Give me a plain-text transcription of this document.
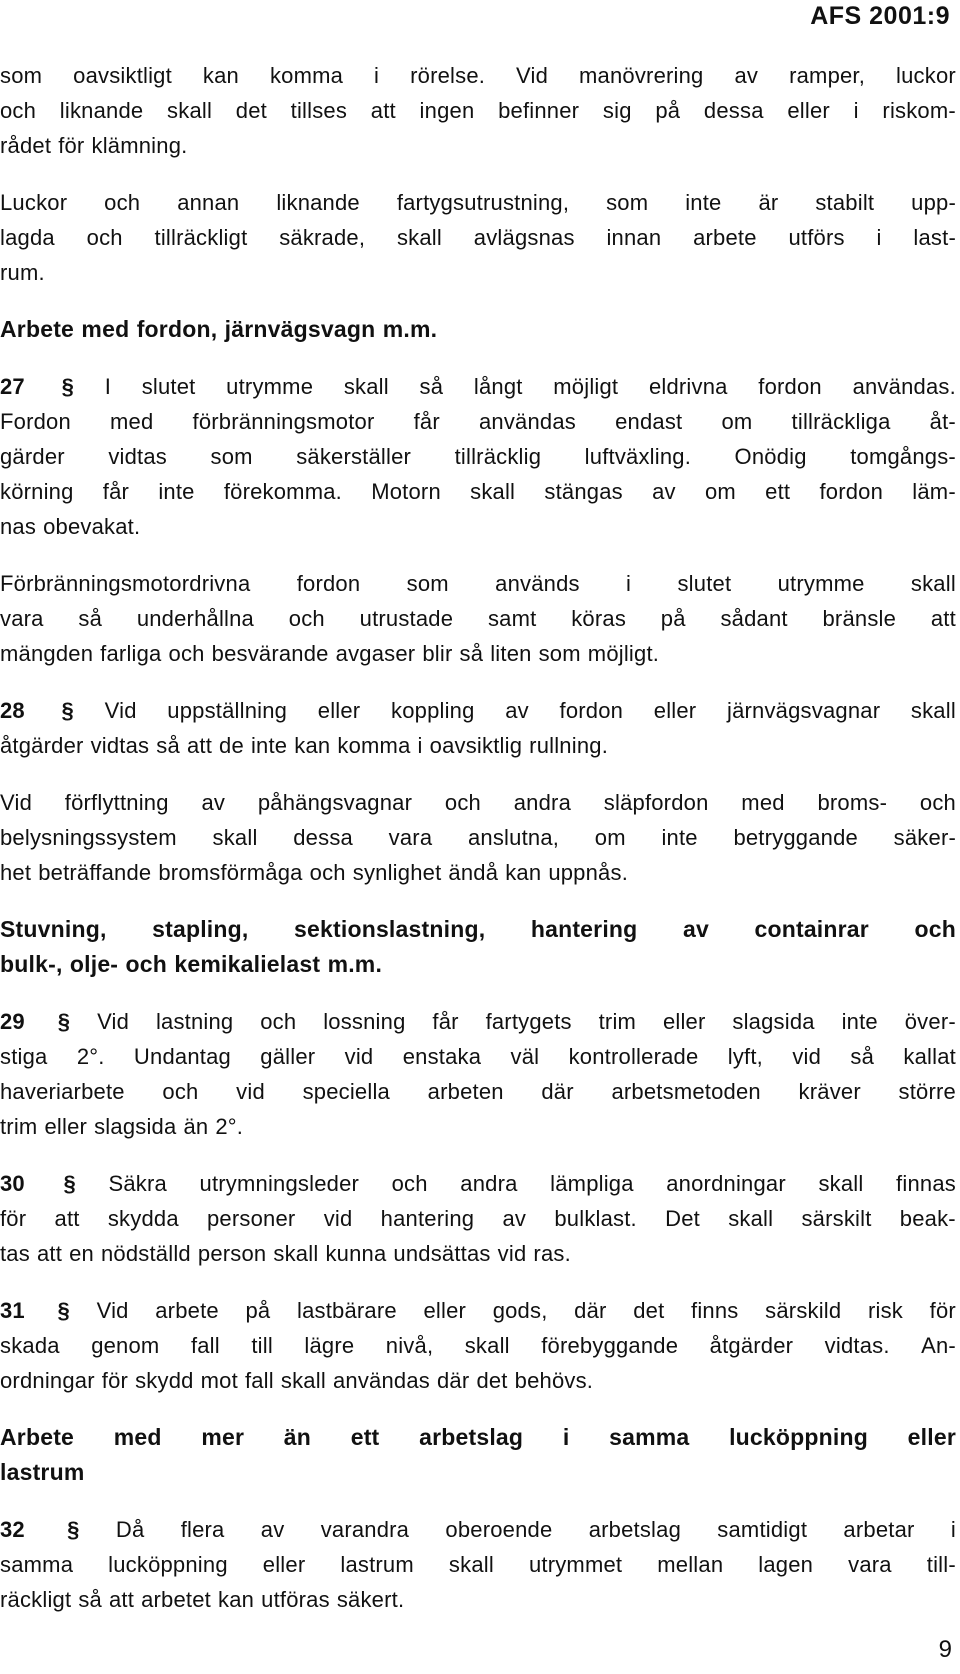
AFS 2001:9

som oavsiktligt kan komma i rörelse. Vid manövrering av ramper, luckor
och liknande skall det tillses att ingen befinner sig på dessa eller i riskom-
rådet för klämning.
Luckor och annan liknande fartygsutrustning, som inte är stabilt upp-
lagda och tillräckligt säkrade, skall avlägsnas innan arbete utförs i last-
rum.
Arbete med fordon, järnvägsvagn m.m.
27 § I slutet utrymme skall så långt möjligt eldrivna fordon användas.
Fordon med förbränningsmotor får användas endast om tillräckliga åt-
gärder vidtas som säkerställer tillräcklig luftväxling. Onödig tomgångs-
körning får inte förekomma. Motorn skall stängas av om ett fordon läm-
nas obevakat.
Förbränningsmotordrivna fordon som används i slutet utrymme skall
vara så underhållna och utrustade samt köras på sådant bränsle att
mängden farliga och besvärande avgaser blir så liten som möjligt.
28 § Vid uppställning eller koppling av fordon eller järnvägsvagnar skall
åtgärder vidtas så att de inte kan komma i oavsiktlig rullning.
Vid förflyttning av påhängsvagnar och andra släpfordon med broms- och
belysningssystem skall dessa vara anslutna, om inte betryggande säker-
het beträffande bromsförmåga och synlighet ändå kan uppnås.
Stuvning, stapling, sektionslastning, hantering av containrar och
bulk-, olje- och kemikalielast m.m.
29 § Vid lastning och lossning får fartygets trim eller slagsida inte över-
stiga 2°. Undantag gäller vid enstaka väl kontrollerade lyft, vid så kallat
haveriarbete och vid speciella arbeten där arbetsmetoden kräver större
trim eller slagsida än 2°.
30 § Säkra utrymningsleder och andra lämpliga anordningar skall finnas
för att skydda personer vid hantering av bulklast. Det skall särskilt beak-
tas att en nödställd person skall kunna undsättas vid ras.
31 § Vid arbete på lastbärare eller gods, där det finns särskild risk för
skada genom fall till lägre nivå, skall förebyggande åtgärder vidtas. An-
ordningar för skydd mot fall skall användas där det behövs.
Arbete med mer än ett arbetslag i samma lucköppning eller
lastrum
32 § Då flera av varandra oberoende arbetslag samtidigt arbetar i
samma lucköppning eller lastrum skall utrymmet mellan lagen vara till-
räckligt så att arbetet kan utföras säkert.

9
